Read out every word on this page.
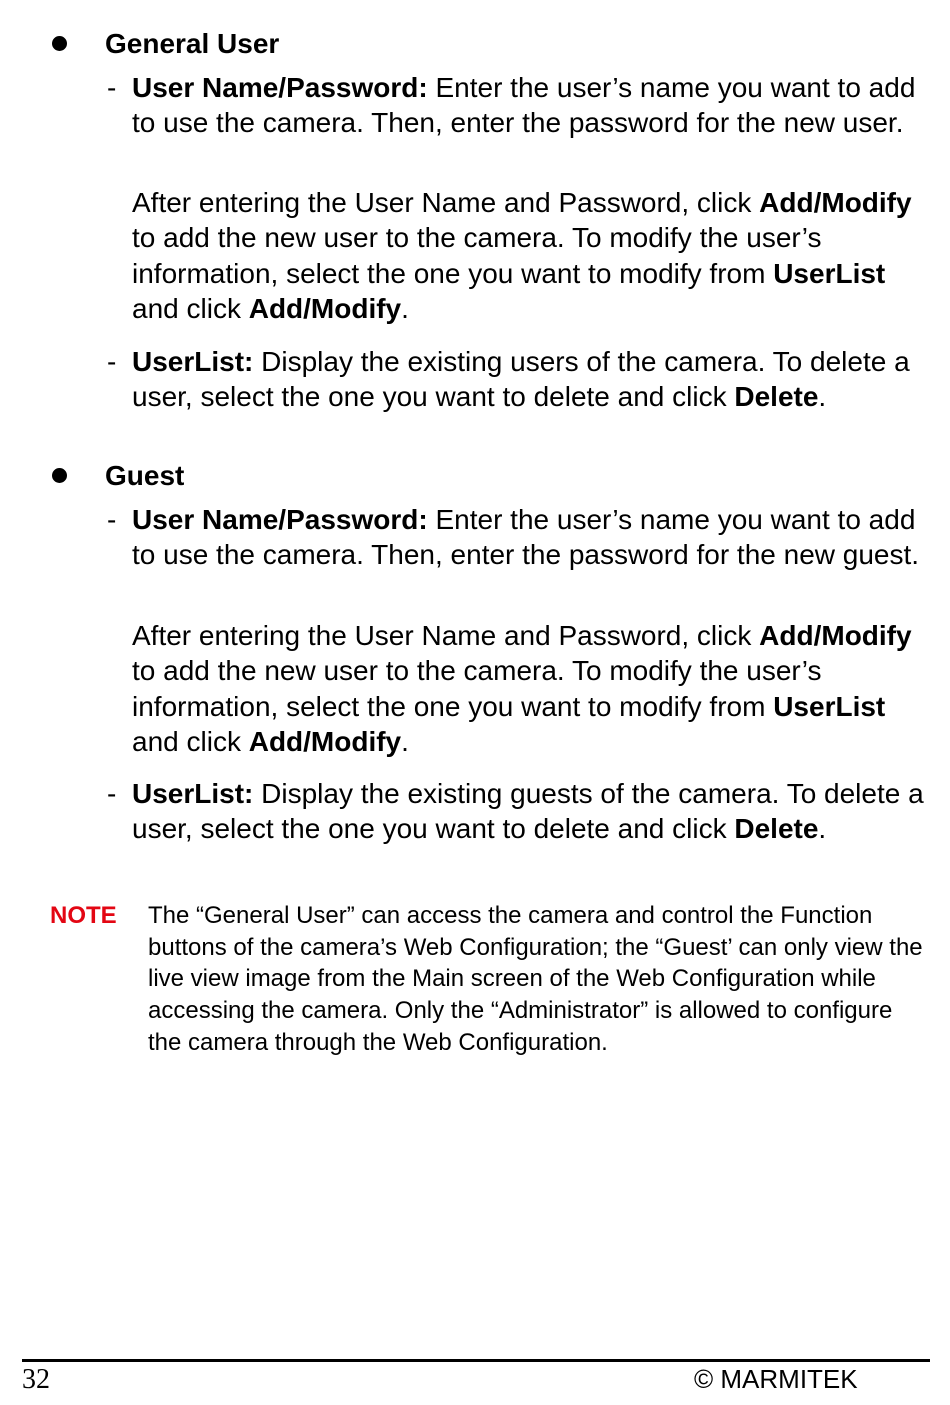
General User
- User Name/Password: Enter the user’s name you want to add to use the camera. Then, enter the password for the new user.
After entering the User Name and Password, click Add/Modify to add the new user to the camera. To modify the user’s information, select the one you want to modify from UserList and click Add/Modify.
- UserList: Display the existing users of the camera. To delete a user, select the one you want to delete and click Delete.
Guest
- User Name/Password: Enter the user’s name you want to add to use the camera. Then, enter the password for the new guest.
After entering the User Name and Password, click Add/Modify to add the new user to the camera. To modify the user’s information, select the one you want to modify from UserList and click Add/Modify.
- UserList: Display the existing guests of the camera. To delete a user, select the one you want to delete and click Delete.
NOTE The “General User” can access the camera and control the Function buttons of the camera’s Web Configuration; the “Guest’ can only view the live view image from the Main screen of the Web Configuration while accessing the camera. Only the “Administrator” is allowed to configure the camera through the Web Configuration.
32	© MARMITEK
